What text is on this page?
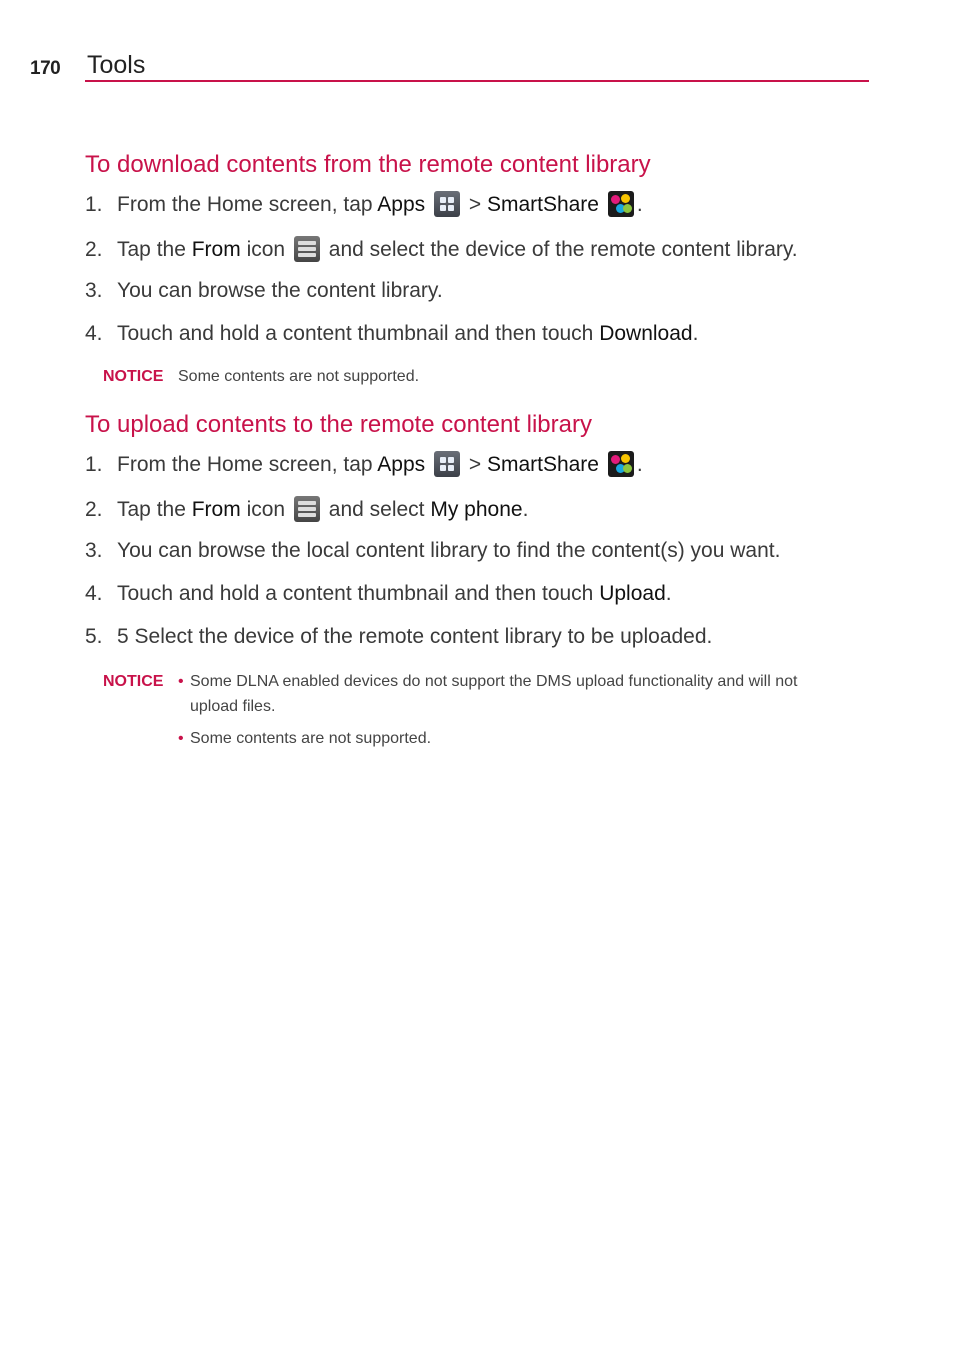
170 Tools
To download contents from the remote content library
1. From the Home screen, tap Apps
> SmartShare .
2. Tap the From icon
and select the device of the remote content library.
3. You can browse the content library.
4. Touch and hold a content thumbnail and then touch Download.
NOTICE Some contents are not supported.
To upload contents to the remote content library
1. From the Home screen, tap Apps
> SmartShare .
2. Tap the From icon
and select My phone.
3. You can browse the local content library to find the content(s) you want.
4. Touch and hold a content thumbnail and then touch Upload.
5. 5 Select the device of the remote content library to be uploaded.
NOTICE • Some DLNA enabled devices do not support the DMS upload functionality and will not
upload files.
• Some contents are not supported.
